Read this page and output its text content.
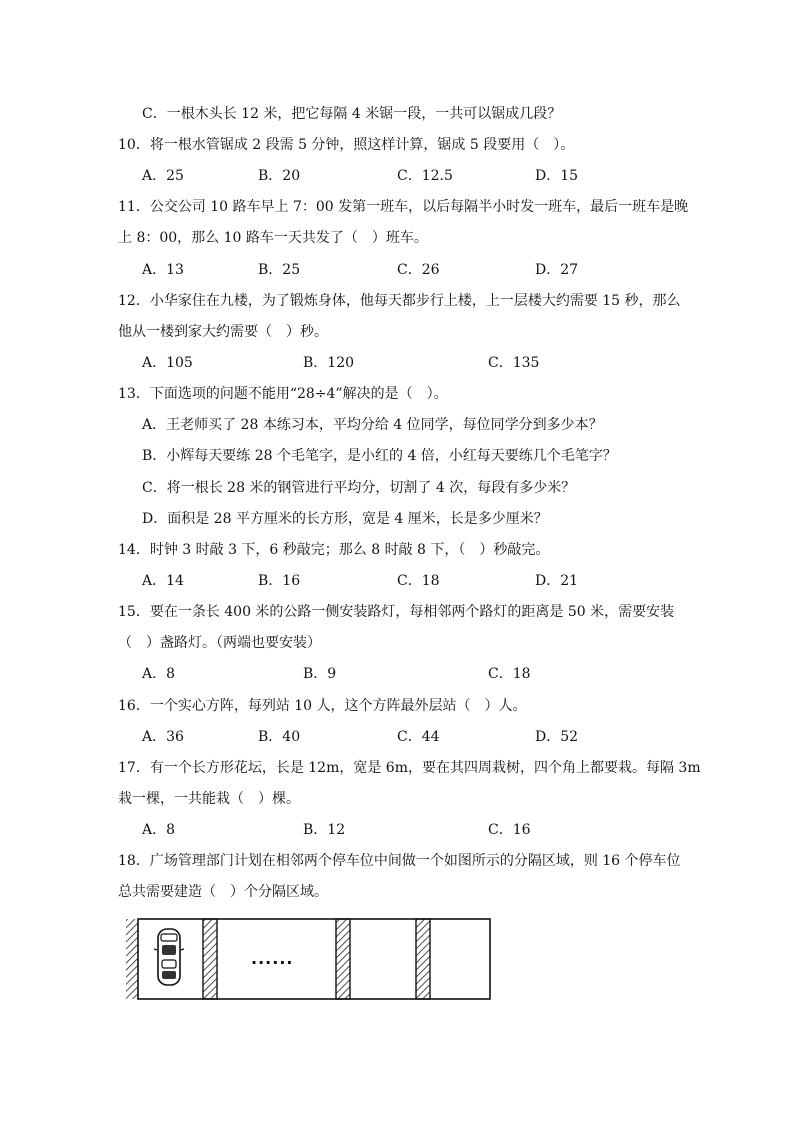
C．一根木头长 12 米，把它每隔 4 米锯一段，一共可以锯成几段？
10．将一根水管锯成 2 段需 5 分钟，照这样计算，锯成 5 段要用（　）。
A．25	B．20	C．12.5	D．15
11．公交公司 10 路车早上 7：00 发第一班车，以后每隔半小时发一班车，最后一班车是晚
上 8：00，那么 10 路车一天共发了（　）班车。
A．13	B．25	C．26	D．27
12．小华家住在九楼，为了锻炼身体，他每天都步行上楼，上一层楼大约需要 15 秒，那么
他从一楼到家大约需要（　）秒。
A．105	B．120	C．135
13．下面选项的问题不能用“28÷4”解决的是（　）。
A．王老师买了 28 本练习本，平均分给 4 位同学，每位同学分到多少本？
B．小辉每天要练 28 个毛笔字，是小红的 4 倍，小红每天要练几个毛笔字？
C．将一根长 28 米的钢管进行平均分，切割了 4 次，每段有多少米？
D．面积是 28 平方厘米的长方形，宽是 4 厘米，长是多少厘米？
14．时钟 3 时敲 3 下，6 秒敲完；那么 8 时敲 8 下，（　）秒敲完。
A．14	B．16	C．18	D．21
15．要在一条长 400 米的公路一侧安装路灯，每相邻两个路灯的距离是 50 米，需要安装
（　）盏路灯。（两端也要安装）
A．8	B．9	C．18
16．一个实心方阵，每列站 10 人，这个方阵最外层站（　）人。
A．36	B．40	C．44	D．52
17．有一个长方形花坛，长是 12m，宽是 6m，要在其四周栽树，四个角上都要栽。每隔 3m
栽一棵，一共能栽（　）棵。
A．8	B．12	C．16
18．广场管理部门计划在相邻两个停车位中间做一个如图所示的分隔区域，则 16 个停车位
总共需要建造（　）个分隔区域。
......
